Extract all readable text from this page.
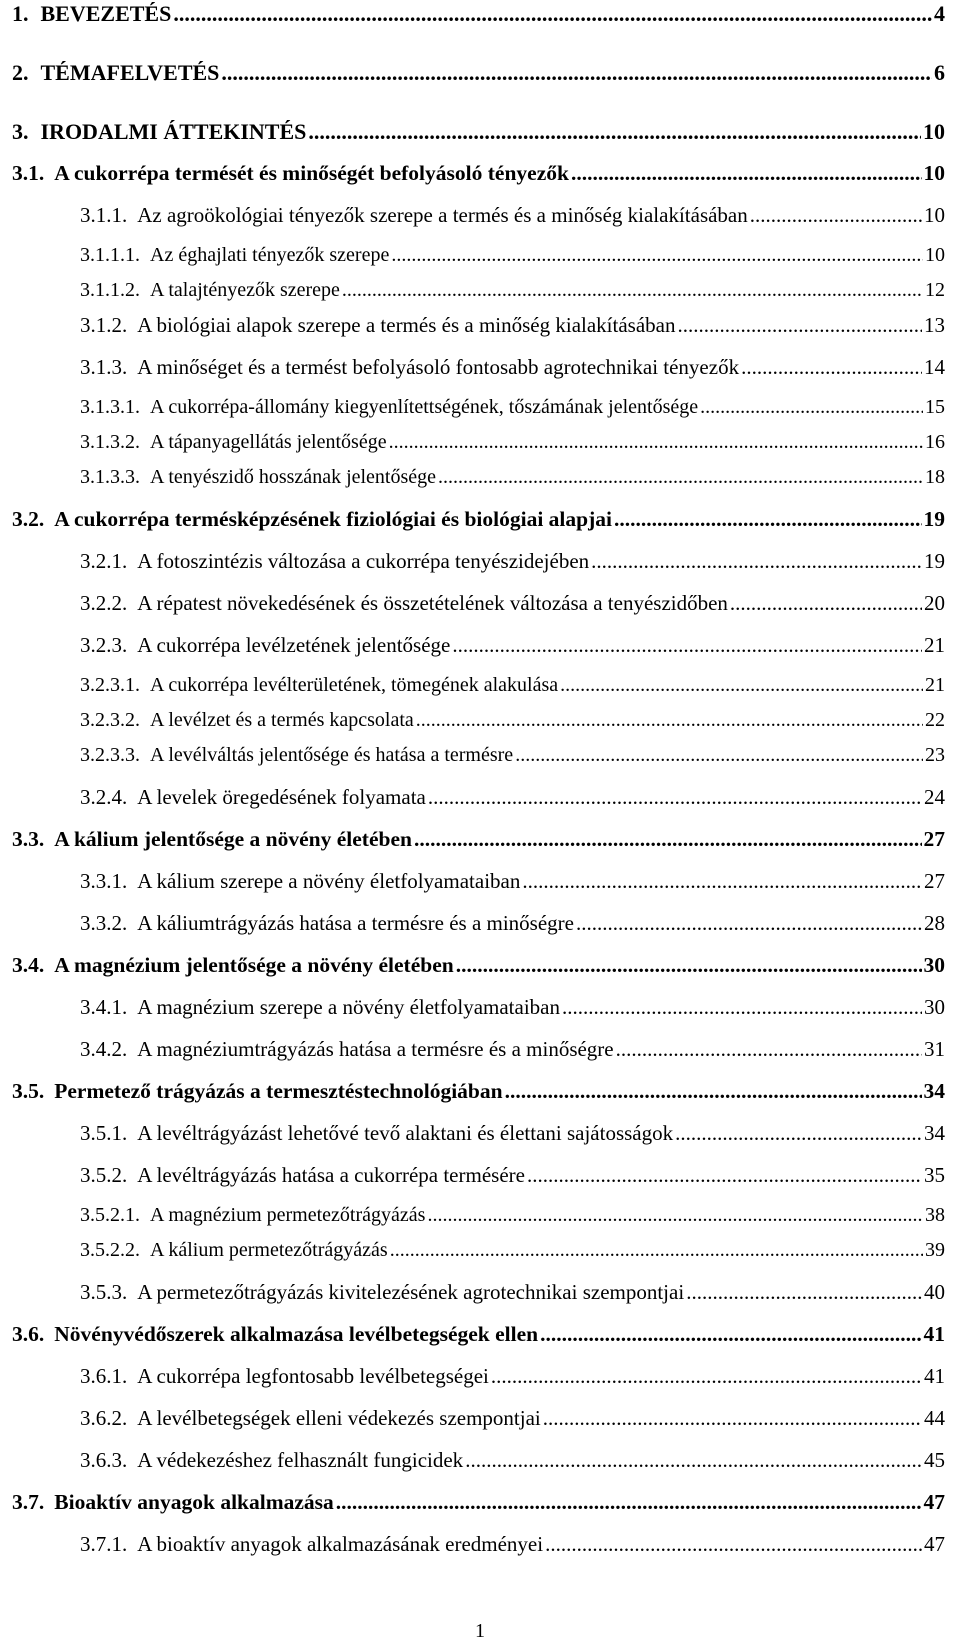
1. BEVEZETÉS .....	4
2. TÉMAFELVETÉS .....	6
3. IRODALMI ÁTTEKINTÉS .....	10
3.1. A cukorrépa termését és minőségét befolyásoló tényezők .....	10
3.1.1. Az agroökológiai tényezők szerepe a termés és a minőség kialakításában .....	10
3.1.1.1. Az éghajlati tényezők szerepe .....	10
3.1.1.2. A talajtényezők szerepe .....	12
3.1.2. A biológiai alapok szerepe a termés és a minőség kialakításában .....	13
3.1.3. A minőséget és a termést befolyásoló fontosabb agrotechnikai tényezők .....	14
3.1.3.1. A cukorrépa-állomány kiegyenlítettségének, tőszámának jelentősége .....	15
3.1.3.2. A tápanyagellátás jelentősége .....	16
3.1.3.3. A tenyészidő hosszának jelentősége .....	18
3.2. A cukorrépa termésképzésének fiziológiai és biológiai alapjai .....	19
3.2.1. A fotoszintézis változása a cukorrépa tenyészidejében .....	19
3.2.2. A répatest növekedésének és összetételének változása a tenyészidőben .....	20
3.2.3. A cukorrépa levélzetének jelentősége .....	21
3.2.3.1. A cukorrépa levélterületének, tömegének alakulása .....	21
3.2.3.2. A levélzet és a termés kapcsolata .....	22
3.2.3.3. A levélváltás jelentősége és hatása a termésre .....	23
3.2.4. A levelek öregedésének folyamata .....	24
3.3. A kálium jelentősége a növény életében .....	27
3.3.1. A kálium szerepe a növény életfolyamataiban .....	27
3.3.2. A káliumtrágyázás hatása a termésre és a minőségre .....	28
3.4. A magnézium jelentősége a növény életében .....	30
3.4.1. A magnézium szerepe a növény életfolyamataiban .....	30
3.4.2. A magnéziumtrágyázás hatása a termésre és a minőségre .....	31
3.5. Permetező trágyázás a termesztéstechnológiában .....	34
3.5.1. A levéltrágyázást lehetővé tevő alaktani és élettani sajátosságok .....	34
3.5.2. A levéltrágyázás hatása a cukorrépa termésére .....	35
3.5.2.1. A magnézium permetezőtrágyázás .....	38
3.5.2.2. A kálium permetezőtrágyázás .....	39
3.5.3. A permetezőtrágyázás kivitelezésének agrotechnikai szempontjai .....	40
3.6. Növényvédőszerek alkalmazása levélbetegségek ellen .....	41
3.6.1. A cukorrépa legfontosabb levélbetegségei .....	41
3.6.2. A levélbetegségek elleni védekezés szempontjai .....	44
3.6.3. A védekezéshez felhasznált fungicidek .....	45
3.7. Bioaktív anyagok alkalmazása .....	47
3.7.1. A bioaktív anyagok alkalmazásának eredményei .....	47
1
